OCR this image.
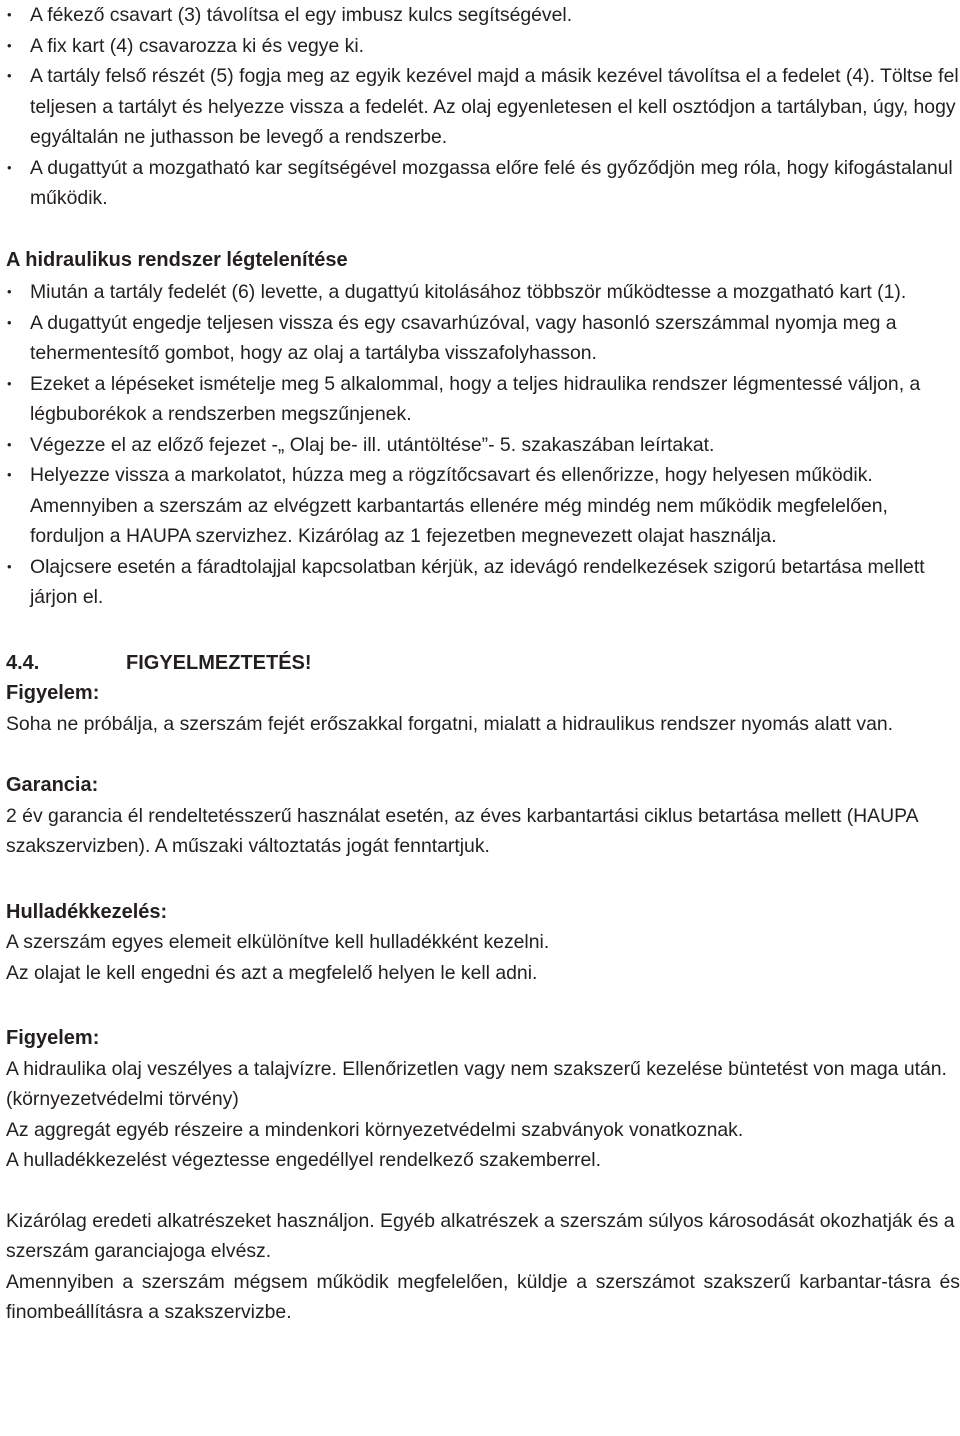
• A fékező csavart (3) távolítsa el egy imbusz kulcs segítségével.
• A fix kart (4) csavarozza ki és vegye ki.
• A tartály felső részét (5) fogja meg az egyik kezével majd a másik kezével távolítsa el a fedelet (4). Töltse fel teljesen a tartályt és helyezze vissza a fedelét. Az olaj egyenletesen el kell osztódjon a tartályban, úgy, hogy egyáltalán ne juthasson be levegő a rendszerbe.
• A dugattyút a mozgatható kar segítségével mozgassa előre felé és győződjön meg róla, hogy kifogástalanul működik.
A hidraulikus rendszer légtelenítése
• Miután a tartály fedelét (6) levette, a dugattyú kitolásához többször működtesse a mozgatható kart (1).
• A dugattyút engedje teljesen vissza és egy csavarhúzóval, vagy hasonló szerszámmal nyomja meg a tehermentesítő gombot, hogy az olaj a tartályba visszafolyhasson.
• Ezeket a lépéseket ismételje meg 5 alkalommal, hogy a teljes hidraulika rendszer légmentessé váljon, a légbuborékok a rendszerben megszűnjenek.
• Végezze el az előző fejezet -„ Olaj be- ill. utántöltése”- 5. szakaszában leírtakat.
• Helyezze vissza a markolatot, húzza meg a rögzítőcsavart és ellenőrizze, hogy helyesen működik. Amennyiben a szerszám az elvégzett karbantartás ellenére még mindég nem működik megfelelően, forduljon a HAUPA szervizhez. Kizárólag az 1 fejezetben megnevezett olajat használja.
• Olajcsere esetén a fáradtolajjal kapcsolatban kérjük, az idevágó rendelkezések szigorú betartása mellett járjon el.
4.4.	FIGYELMEZTETÉS!

Figyelem:

Soha ne próbálja, a szerszám fejét erőszakkal forgatni, mialatt a hidraulikus rendszer nyomás alatt van.

Garancia:

2 év garancia él rendeltetésszerű használat esetén, az éves karbantartási ciklus betartása mellett (HAUPA szakszervizben). A műszaki változtatás jogát fenntartjuk.

Hulladékkezelés:

A szerszám egyes elemeit elkülönítve kell hulladékként kezelni.

Az olajat le kell engedni és azt a megfelelő helyen le kell adni.

Figyelem:

A hidraulika olaj veszélyes a talajvízre. Ellenőrizetlen vagy nem szakszerű kezelése büntetést von maga után. (környezetvédelmi törvény)

Az aggregát egyéb részeire a mindenkori környezetvédelmi szabványok vonatkoznak.

A hulladékkezelést végeztesse engedéllyel rendelkező szakemberrel.

Kizárólag eredeti alkatrészeket használjon. Egyéb alkatrészek a szerszám súlyos károsodását okozhatják és a szerszám garanciajoga elvész.

Amennyiben a szerszám mégsem működik megfelelően, küldje a szerszámot szakszerű karbantar-tásra és finombeállításra a szakszervizbe.
